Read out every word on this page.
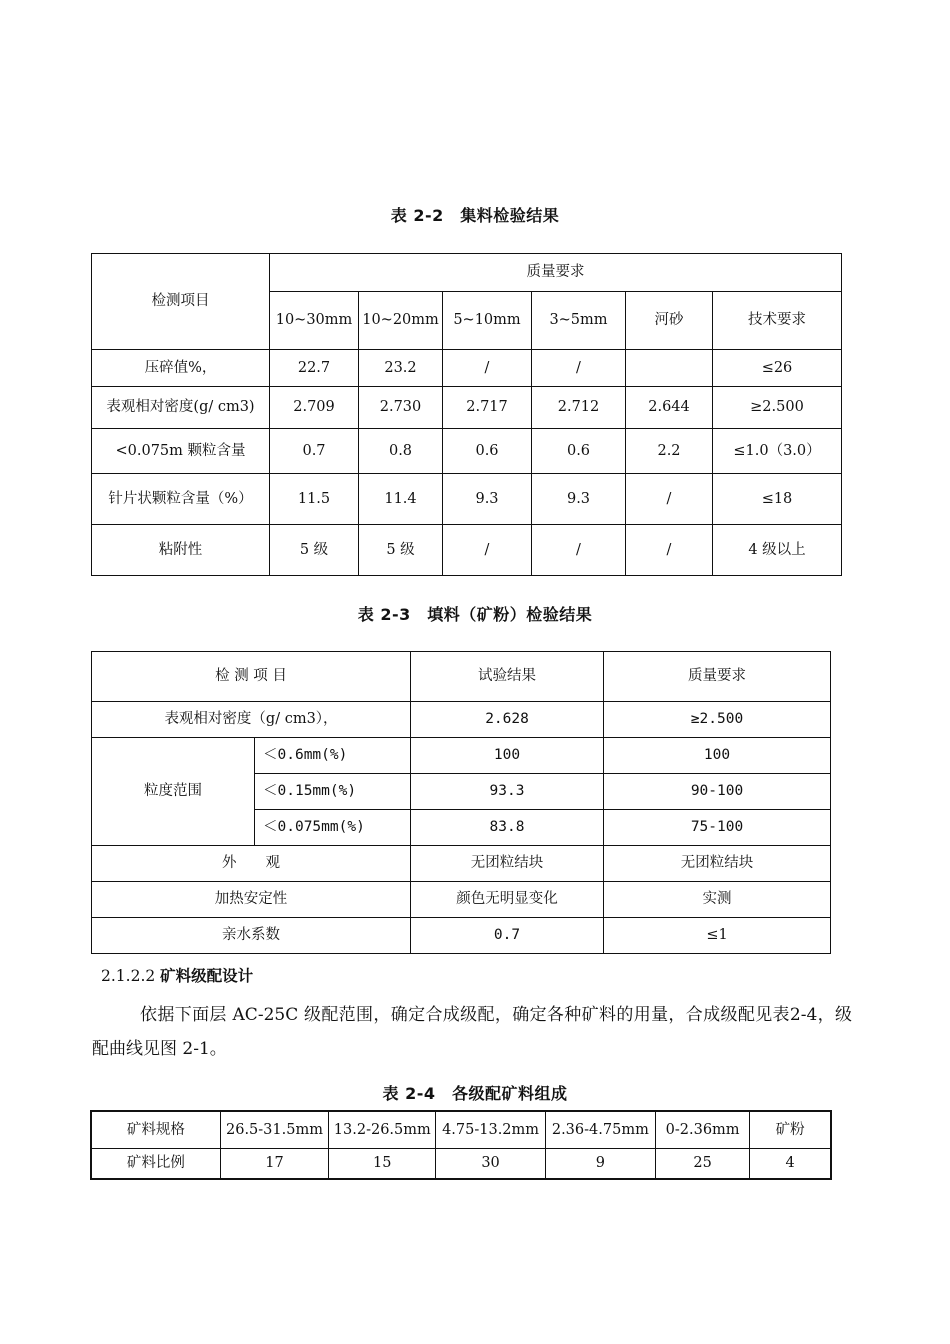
表 2-2　集料检验结果
检测项目	质量要求					
	10~30mm	10~20mm	5~10mm	3~5mm	河砂	技术要求
压碎值%，	22.7	23.2	/	/		≤26
表观相对密度(g/ cm3)	2.709	2.730	2.717	2.712	2.644	≥2.500
<0.075m 颗粒含量	0.7	0.8	0.6	0.6	2.2	≤1.0（3.0）
针片状颗粒含量（%）	11.5	11.4	9.3	9.3	/	≤18
粘附性	5 级	5 级	/	/	/	4 级以上
表 2-3　填料（矿粉）检验结果
检 测 项 目		试验结果	质量要求
表观相对密度（g/ cm3），		2.628	≥2.500
粒度范围	＜0.6mm(%)	100	100
	＜0.15mm(%)	93.3	90-100
	＜0.075mm(%)	83.8	75-100
外　　观		无团粒结块	无团粒结块
加热安定性		颜色无明显变化	实测
亲水系数		0.7	≤1
2.1.2.2 矿料级配设计
依据下面层 AC-25C 级配范围，确定合成级配，确定各种矿料的用量，合成级配见表2-4，级配曲线见图 2-1。
表 2-4　各级配矿料组成
矿料规格	26.5-31.5mm	13.2-26.5mm	4.75-13.2mm	2.36-4.75mm	0-2.36mm	矿粉
矿料比例	17	15	30	9	25	4
